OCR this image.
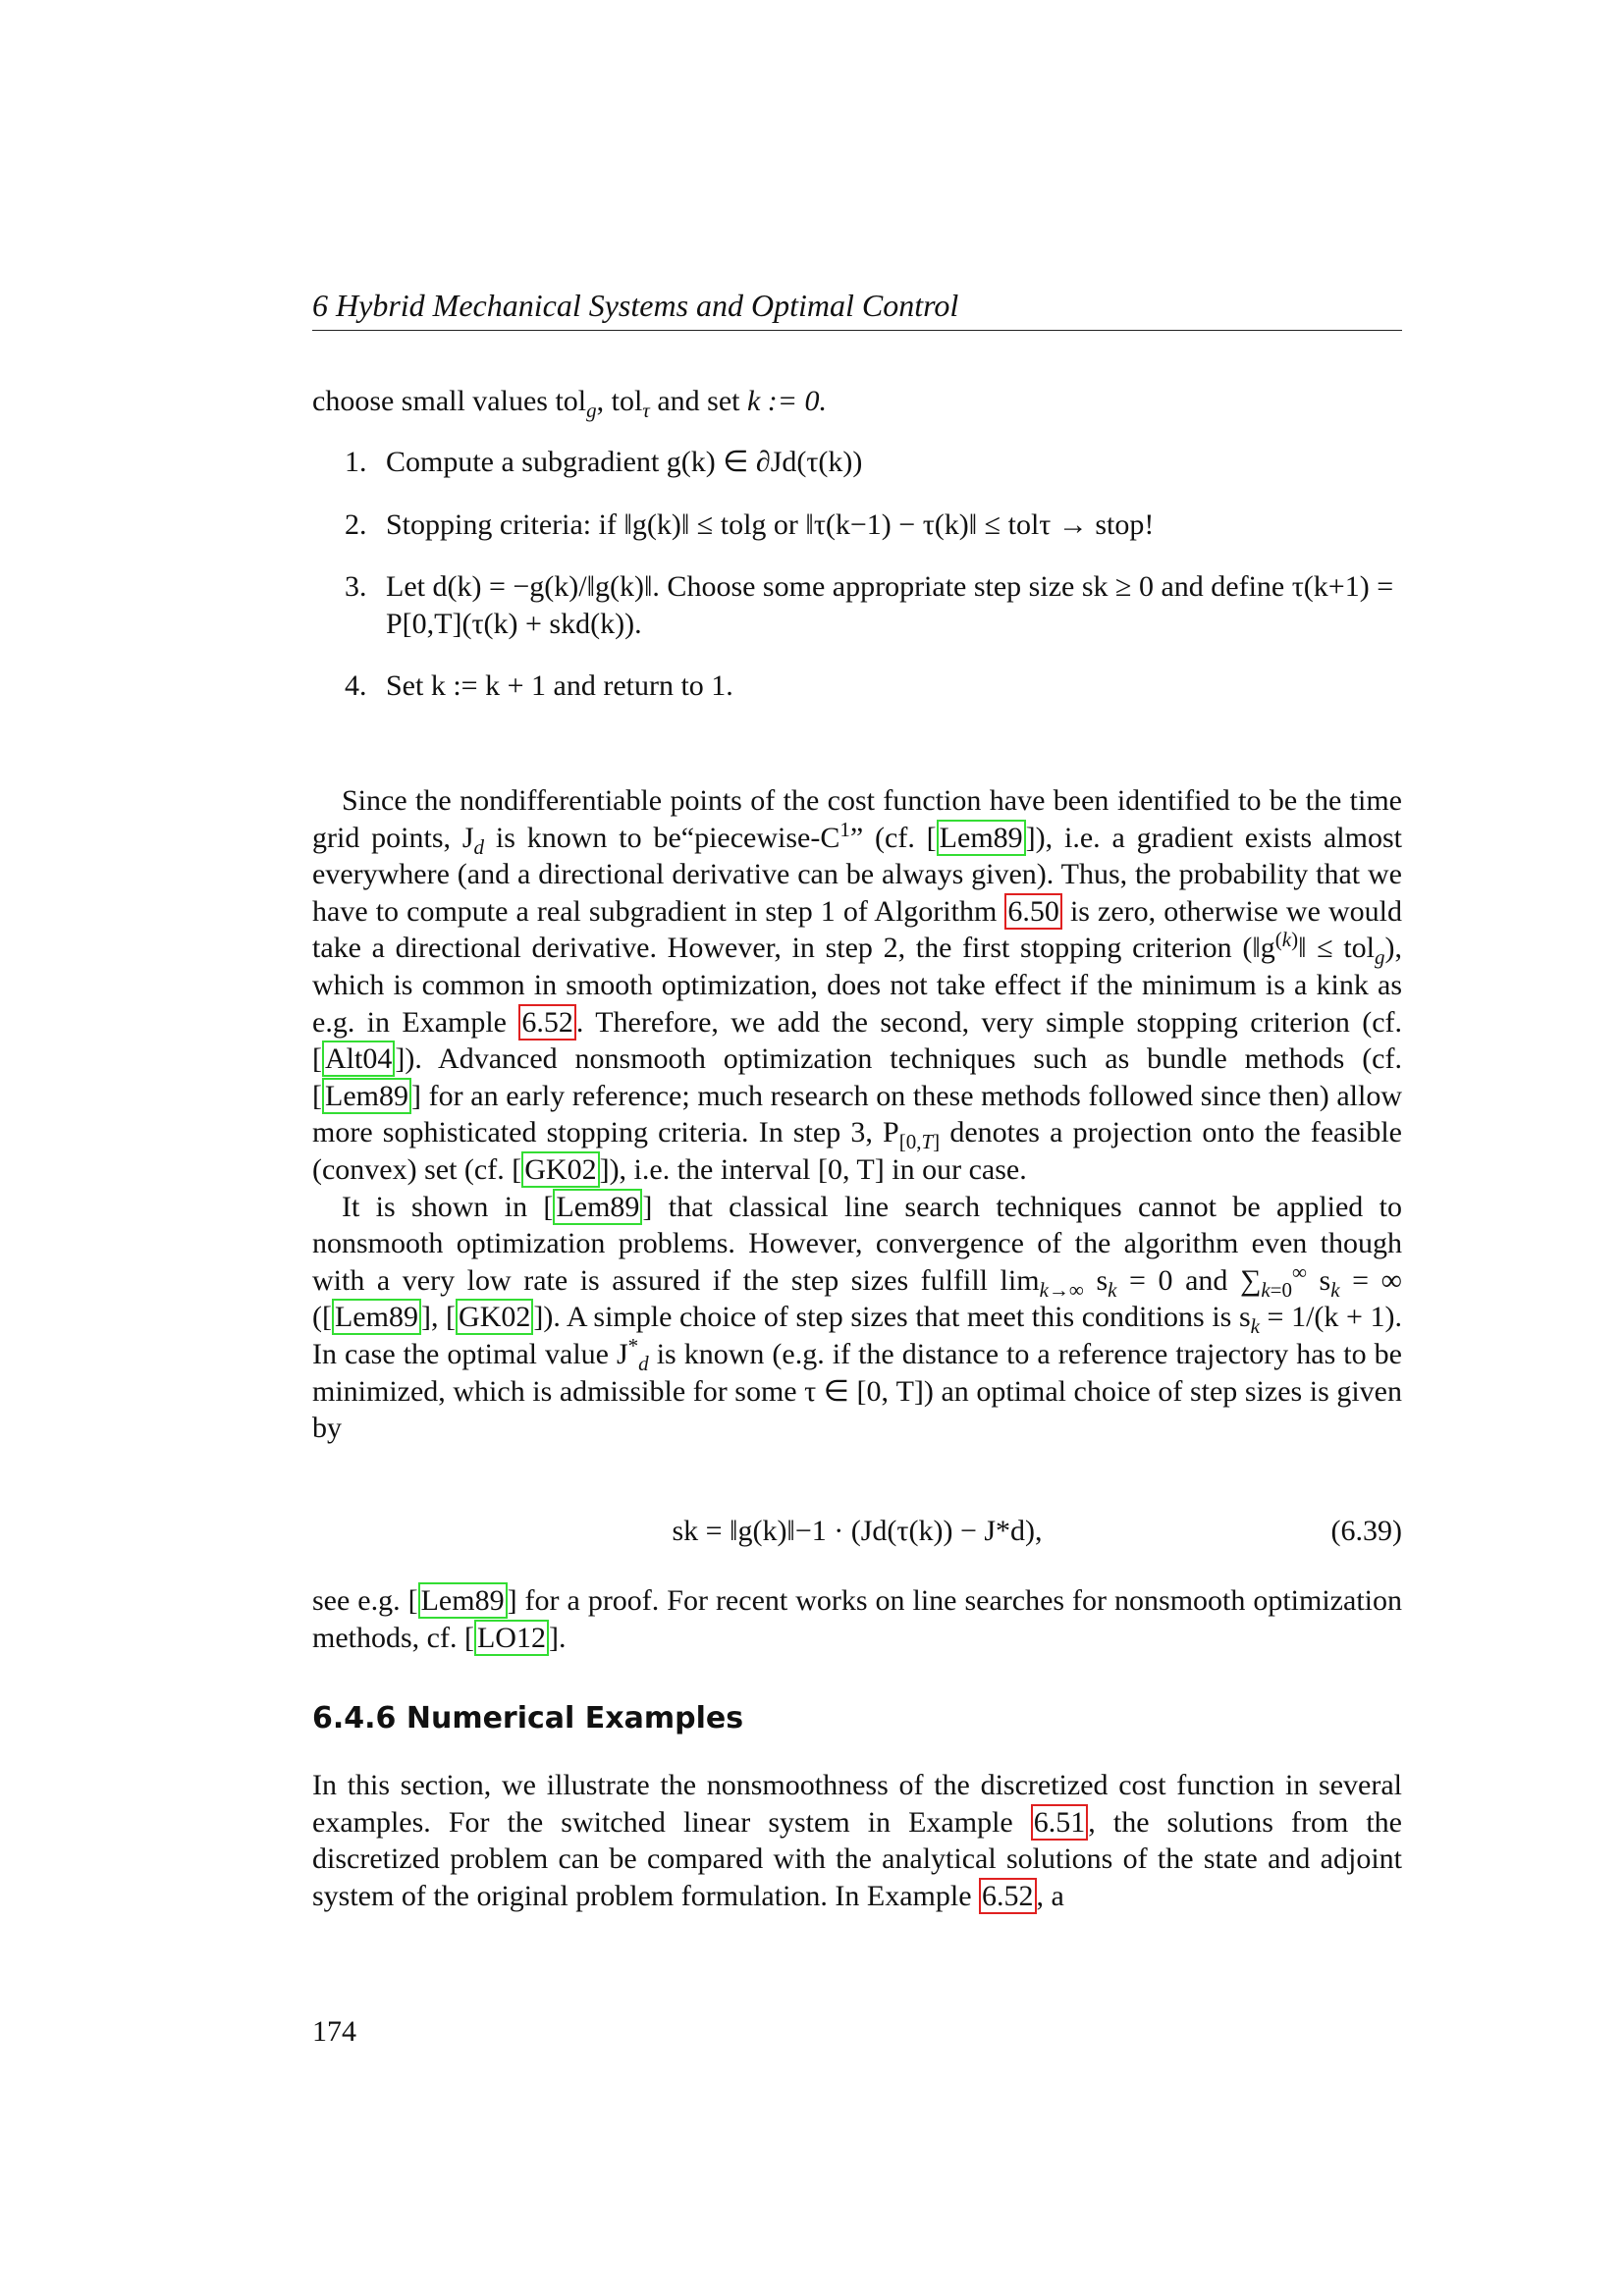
6 Hybrid Mechanical Systems and Optimal Control
choose small values tol$_g$, tol$_\tau$ and set k := 0.
1. Compute a subgradient g(k) ∈ ∂Jd(τ(k))
2. Stopping criteria: if ‖g(k)‖ ≤ tolg or ‖τ(k−1) − τ(k)‖ ≤ tolτ → stop!
3. Let d(k) = −g(k)/‖g(k)‖. Choose some appropriate step size sk ≥ 0 and define τ(k+1) = P[0,T](τ(k) + skd(k)).
4. Set k := k + 1 and return to 1.

Since the nondifferentiable points of the cost function have been identified to be the time grid points, $J_d$ is known to $be“piecewise-C^1$” (cf. [ Lem89 ]), i.e. a gradient exists almost everywhere (and a directional derivative can be always given). Thus, the probability that we have to compute a real subgradient in step 1 of Algorithm 6.50 is zero, otherwise we would take a directional derivative. However, in step 2, the first stopping criterion $(‖g^{(k)}‖ \le tol_g)$, which is common in smooth optimization, does not take effect if the minimum is a kink as e.g. in Example 6.52 . Therefore, we add the second, very simple stopping criterion (cf. [ Alt04 ]). Advanced nonsmooth optimization techniques such as bundle methods (cf. [ Lem89 ] for an early reference; much research on these methods followed since then) allow more sophisticated stopping criteria. In step 3, $P_{[0,T]}$ denotes a projection onto the feasible (convex) set (cf. [ GK02 ]), i.e. the interval [0, T] in our case.

It is shown in [ Lem89 ] that classical line search techniques cannot be applied to nonsmooth optimization problems. However, convergence of the algorithm even though with a very low rate is assured if the step sizes fulfill $\lim_{k\to\infty} s_k = 0$ and $\sum_{k=0}^\infty$ $s_k$ = ∞ ([ Lem89 ], [ GK02 ]). A simple choice of step sizes that meet this conditions is $s_k = 1/(k + 1)$. In case the optimal value $J^*_d$ is known (e.g. if the distance to a reference trajectory has to be minimized, which is admissible for some τ ∈ [0, T]) an optimal choice of step sizes is given by

sk = ‖g(k)‖−1 · (Jd(τ(k)) − J*d),	(6.39)
see e.g. [ Lem89 ] for a proof. For recent works on line searches for nonsmooth optimization methods, cf. [ LO12 ].
6.4.6 Numerical Examples
In this section, we illustrate the nonsmoothness of the discretized cost function in several examples. For the switched linear system in Example 6.51 , the solutions from the discretized problem can be compared with the analytical solutions of the state and adjoint system of the original problem formulation. In Example 6.52 , a
174
